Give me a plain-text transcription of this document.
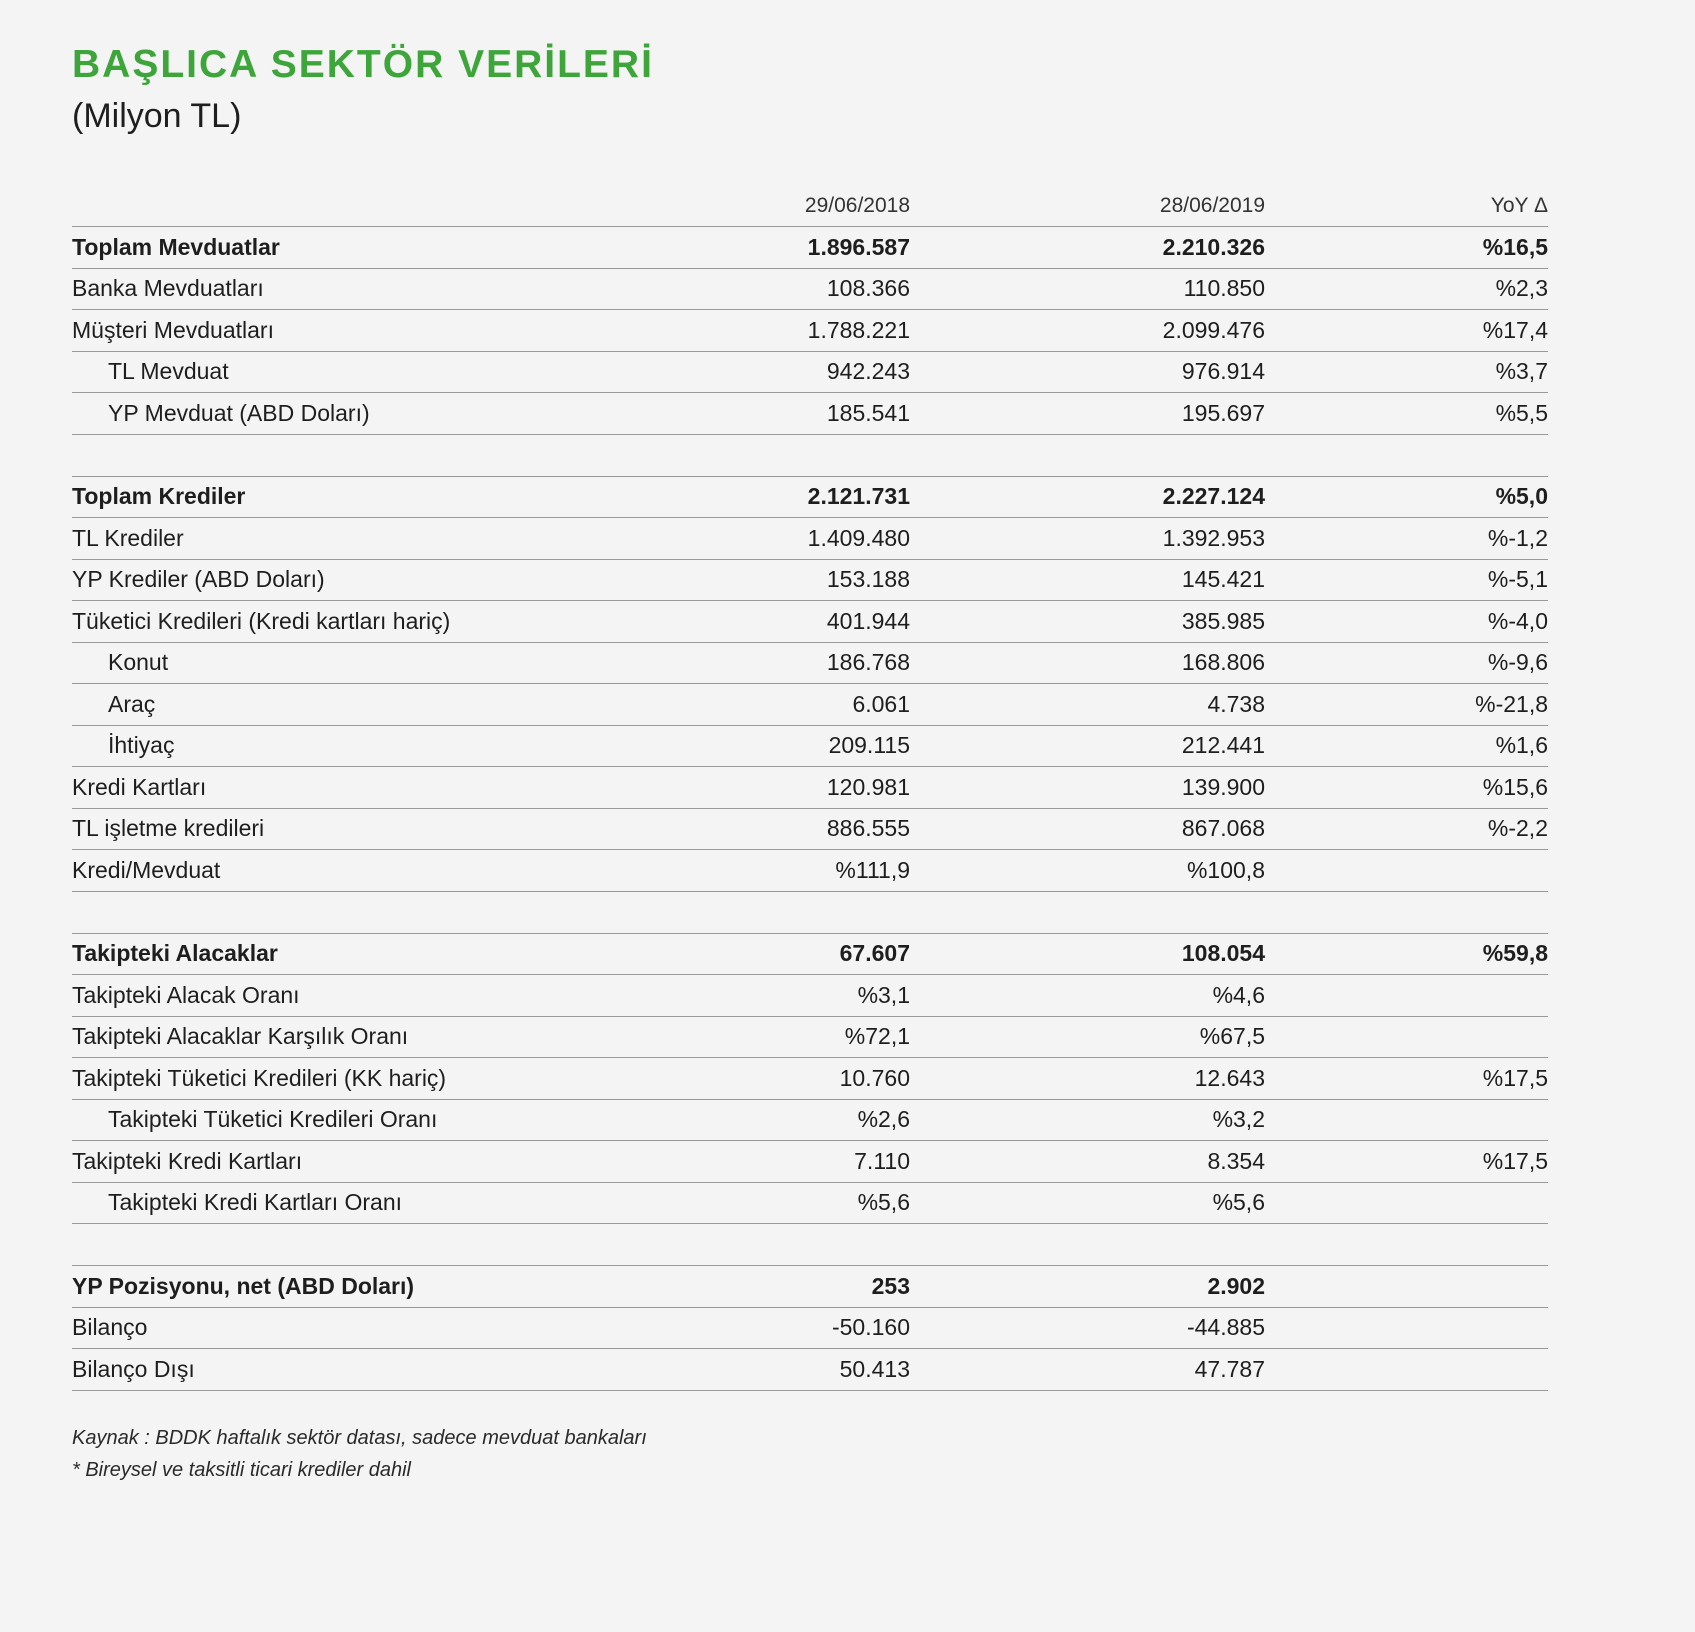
BAŞLICA SEKTÖR VERİLERİ
(Milyon TL)
29/06/2018	28/06/2019	YoY Δ
Toplam Mevduatlar	1.896.587	2.210.326	%16,5
Banka Mevduatları	108.366	110.850	%2,3
Müşteri Mevduatları	1.788.221	2.099.476	%17,4
TL Mevduat	942.243	976.914	%3,7
YP Mevduat (ABD Doları)	185.541	195.697	%5,5
Toplam Krediler	2.121.731	2.227.124	%5,0
TL Krediler	1.409.480	1.392.953	%-1,2
YP Krediler (ABD Doları)	153.188	145.421	%-5,1
Tüketici Kredileri (Kredi kartları hariç)	401.944	385.985	%-4,0
Konut	186.768	168.806	%-9,6
Araç	6.061	4.738	%-21,8
İhtiyaç	209.115	212.441	%1,6
Kredi Kartları	120.981	139.900	%15,6
TL işletme kredileri	886.555	867.068	%-2,2
Kredi/Mevduat	%111,9	%100,8
Takipteki Alacaklar	67.607	108.054	%59,8
Takipteki Alacak Oranı	%3,1	%4,6
Takipteki Alacaklar Karşılık Oranı	%72,1	%67,5
Takipteki Tüketici Kredileri (KK hariç)	10.760	12.643	%17,5
Takipteki Tüketici Kredileri Oranı	%2,6	%3,2
Takipteki Kredi Kartları	7.110	8.354	%17,5
Takipteki Kredi Kartları Oranı	%5,6	%5,6
YP Pozisyonu, net (ABD Doları)	253	2.902
Bilanço	-50.160	-44.885
Bilanço Dışı	50.413	47.787
Kaynak : BDDK haftalık sektör datası, sadece mevduat bankaları
* Bireysel ve taksitli ticari krediler dahil
